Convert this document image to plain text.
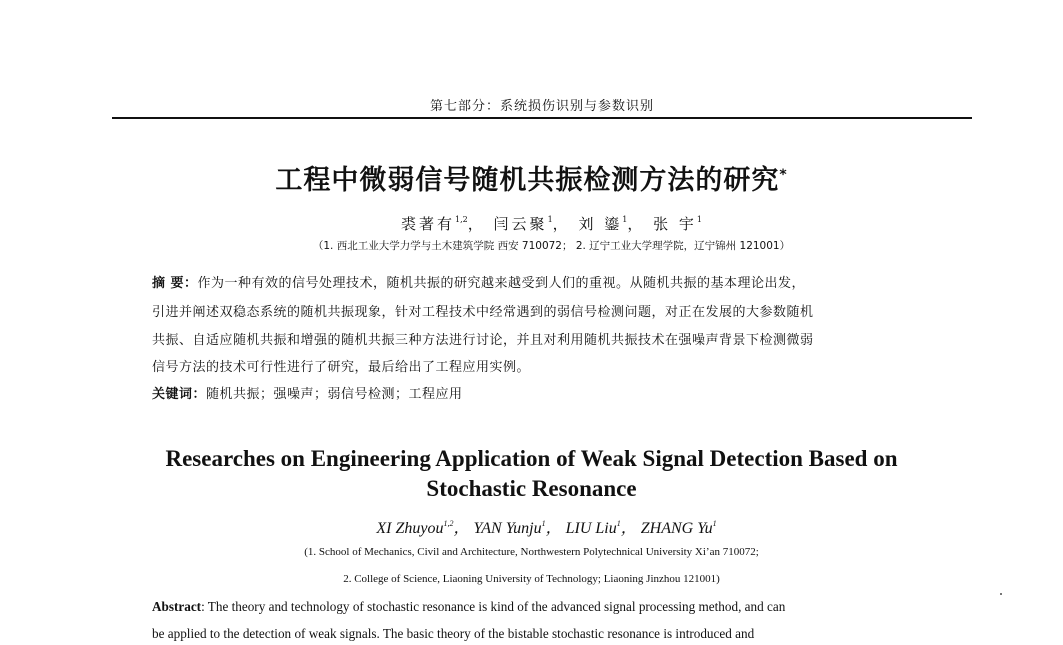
第七部分：系统损伤识别与参数识别
工程中微弱信号随机共振检测方法的研究*
裘著有$^{1,2}$， 闫云聚$^1$， 刘 鎏$^1$， 张 宇$^1$
（1. 西北工业大学力学与土木建筑学院 西安 710072； 2. 辽宁工业大学理学院，辽宁锦州 121001）
摘 要：作为一种有效的信号处理技术，随机共振的研究越来越受到人们的重视。从随机共振的基本理论出发，
引进并阐述双稳态系统的随机共振现象，针对工程技术中经常遇到的弱信号检测问题，对正在发展的大参数随机
共振、自适应随机共振和增强的随机共振三种方法进行讨论，并且对利用随机共振技术在强噪声背景下检测微弱
信号方法的技术可行性进行了研究，最后给出了工程应用实例。
关键词：随机共振；强噪声；弱信号检测；工程应用
Researches on Engineering Application of Weak Signal Detection Based on
Stochastic Resonance
XI Zhuyou$^{1,2}$， YAN Yunju$^1$， LIU Liu$^1$， ZHANG Yu$^1$
(1. School of Mechanics, Civil and Architecture, Northwestern Polytechnical University Xi’an 710072;
2. College of Science, Liaoning University of Technology; Liaoning Jinzhou 121001)
Abstract: The theory and technology of stochastic resonance is kind of the advanced signal processing method, and can
be applied to the detection of weak signals. The basic theory of the bistable stochastic resonance is introduced and
